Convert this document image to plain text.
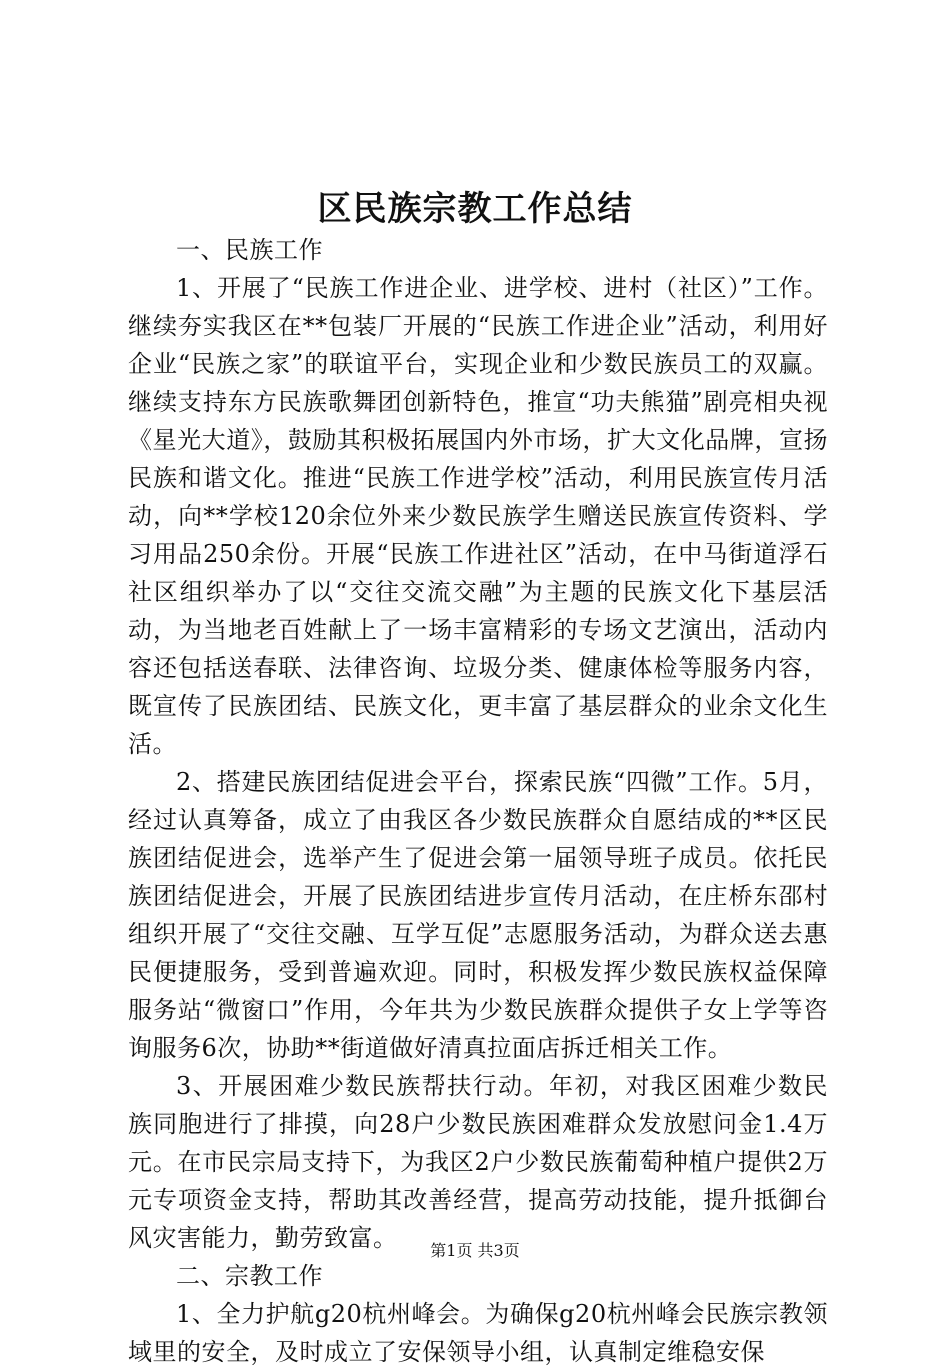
区民族宗教工作总结

一、民族工作

1、开展了“民族工作进企业、进学校、进村（社区）”工作。继续夯实我区在**包装厂开展的“民族工作进企业”活动，利用好企业“民族之家”的联谊平台，实现企业和少数民族员工的双赢。继续支持东方民族歌舞团创新特色，推宣“功夫熊猫”剧亮相央视《星光大道》，鼓励其积极拓展国内外市场，扩大文化品牌，宣扬民族和谐文化。推进“民族工作进学校”活动，利用民族宣传月活动，向**学校120余位外来少数民族学生赠送民族宣传资料、学习用品250余份。开展“民族工作进社区”活动，在中马街道浮石社区组织举办了以“交往交流交融”为主题的民族文化下基层活动，为当地老百姓献上了一场丰富精彩的专场文艺演出，活动内容还包括送春联、法律咨询、垃圾分类、健康体检等服务内容，既宣传了民族团结、民族文化，更丰富了基层群众的业余文化生活。

2、搭建民族团结促进会平台，探索民族“四微”工作。5月，经过认真筹备，成立了由我区各少数民族群众自愿结成的**区民族团结促进会，选举产生了促进会第一届领导班子成员。依托民族团结促进会，开展了民族团结进步宣传月活动，在庄桥东邵村组织开展了“交往交融、互学互促”志愿服务活动，为群众送去惠民便捷服务，受到普遍欢迎。同时，积极发挥少数民族权益保障服务站“微窗口”作用，今年共为少数民族群众提供子女上学等咨询服务6次，协助**街道做好清真拉面店拆迁相关工作。

3、开展困难少数民族帮扶行动。年初，对我区困难少数民族同胞进行了排摸，向28户少数民族困难群众发放慰问金1.4万元。在市民宗局支持下，为我区2户少数民族葡萄种植户提供2万元专项资金支持，帮助其改善经营，提高劳动技能，提升抵御台风灾害能力，勤劳致富。

二、宗教工作

1、全力护航g20杭州峰会。为确保g20杭州峰会民族宗教领域里的安全，及时成立了安保领导小组，认真制定维稳安保

第1页 共3页
